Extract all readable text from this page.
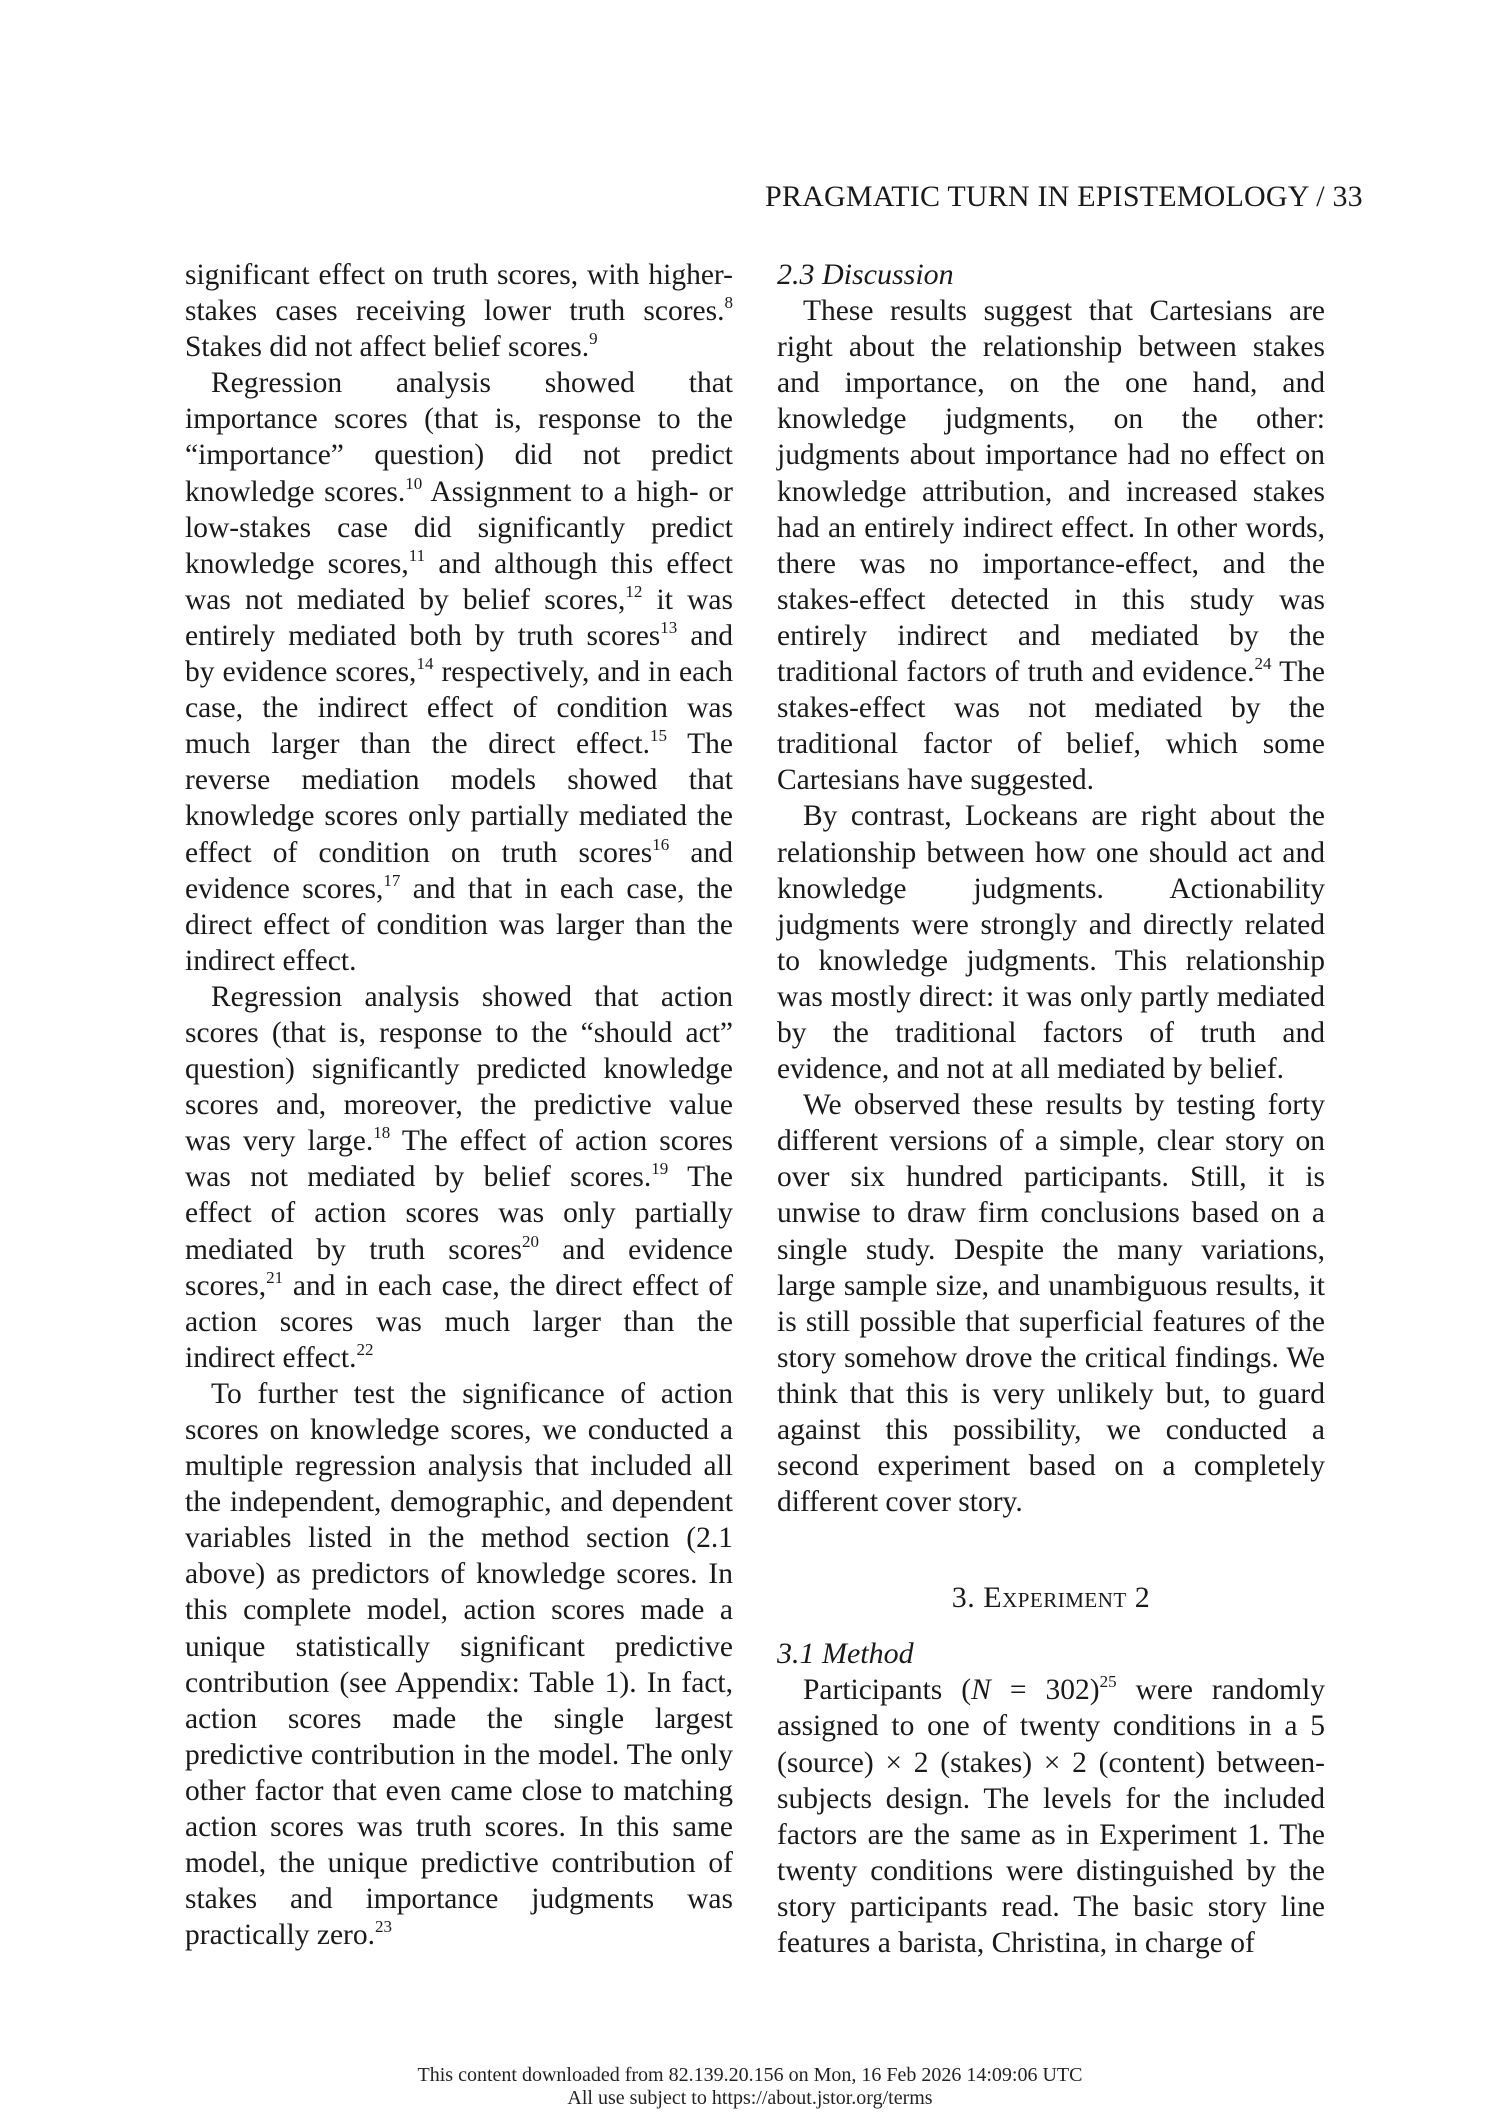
PRAGMATIC TURN IN EPISTEMOLOGY / 33

significant effect on truth scores, with higher-stakes cases receiving lower truth scores.$^8$ Stakes did not affect belief scores.$^9$

Regression analysis showed that importance scores (that is, response to the “importance” question) did not predict knowledge scores.$^{10}$ Assignment to a high- or low-stakes case did significantly predict knowledge scores,$^{11}$ and although this effect was not mediated by belief scores,$^{12}$ it was entirely mediated both by truth scores$^{13}$ and by evidence scores,$^{14}$ respectively, and in each case, the indirect effect of condition was much larger than the direct effect.$^{15}$ The reverse mediation models showed that knowledge scores only partially mediated the effect of condition on truth scores$^{16}$ and evidence scores,$^{17}$ and that in each case, the direct effect of condition was larger than the indirect effect.

Regression analysis showed that action scores (that is, response to the “should act” question) significantly predicted knowledge scores and, moreover, the predictive value was very large.$^{18}$ The effect of action scores was not mediated by belief scores.$^{19}$ The effect of action scores was only partially mediated by truth scores$^{20}$ and evidence scores,$^{21}$ and in each case, the direct effect of action scores was much larger than the indirect effect.$^{22}$

To further test the significance of action scores on knowledge scores, we conducted a multiple regression analysis that included all the independent, demographic, and dependent variables listed in the method section (2.1 above) as predictors of knowledge scores. In this complete model, action scores made a unique statistically significant predictive contribution (see Appendix: Table 1). In fact, action scores made the single largest predictive contribution in the model. The only other factor that even came close to matching action scores was truth scores. In this same model, the unique predictive contribution of stakes and importance judgments was practically zero.$^{23}$

2.3 Discussion

These results suggest that Cartesians are right about the relationship between stakes and importance, on the one hand, and knowledge judgments, on the other: judgments about importance had no effect on knowledge attribution, and increased stakes had an entirely indirect effect. In other words, there was no importance-effect, and the stakes-effect detected in this study was entirely indirect and mediated by the traditional factors of truth and evidence.$^{24}$ The stakes-effect was not mediated by the traditional factor of belief, which some Cartesians have suggested.

By contrast, Lockeans are right about the relationship between how one should act and knowledge judgments. Actionability judgments were strongly and directly related to knowledge judgments. This relationship was mostly direct: it was only partly mediated by the traditional factors of truth and evidence, and not at all mediated by belief.

We observed these results by testing forty different versions of a simple, clear story on over six hundred participants. Still, it is unwise to draw firm conclusions based on a single study. Despite the many variations, large sample size, and unambiguous results, it is still possible that superficial features of the story somehow drove the critical findings. We think that this is very unlikely but, to guard against this possibility, we conducted a second experiment based on a completely different cover story.

3. Experiment 2
3.1 Method

Participants (N = 302)$^{25}$ were randomly assigned to one of twenty conditions in a 5 (source) × 2 (stakes) × 2 (content) between-subjects design. The levels for the included factors are the same as in Experiment 1. The twenty conditions were distinguished by the story participants read. The basic story line features a barista, Christina, in charge of

This content downloaded from 82.139.20.156 on Mon, 16 Feb 2026 14:09:06 UTC
All use subject to https://about.jstor.org/terms
